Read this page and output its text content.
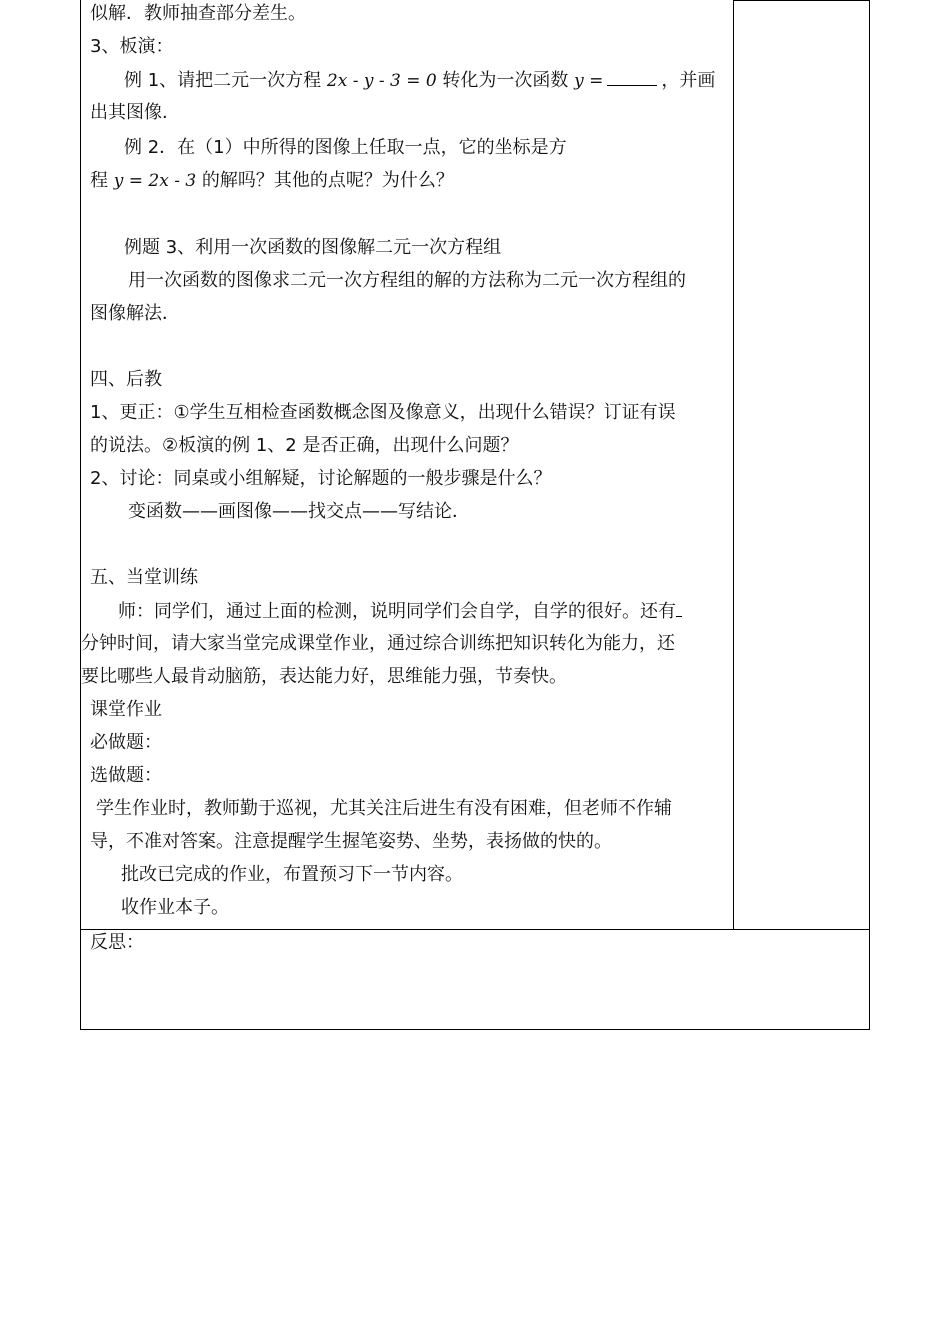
似解．教师抽查部分差生。
3、板演：
例 1、请把二元一次方程 2x - y - 3 = 0 转化为一次函数 y =	，并画
出其图像.
例 2．在（1）中所得的图像上任取一点，它的坐标是方
程 y = 2x - 3 的解吗？其他的点呢？为什么？
例题 3、利用一次函数的图像解二元一次方程组
用一次函数的图像求二元一次方程组的解的方法称为二元一次方程组的
图像解法．
四、后教
1、更正：①学生互相检查函数概念图及像意义，出现什么错误？订证有误
的说法。②板演的例 1、2 是否正确，出现什么问题？
2、讨论：同桌或小组解疑，讨论解题的一般步骤是什么？
变函数——画图像——找交点——写结论．
五、当堂训练
师：同学们，通过上面的检测，说明同学们会自学，自学的很好。还有
分钟时间，请大家当堂完成课堂作业，通过综合训练把知识转化为能力，还
要比哪些人最肯动脑筋，表达能力好，思维能力强，节奏快。
课堂作业
必做题：
选做题：
学生作业时，教师勤于巡视，尤其关注后进生有没有困难，但老师不作辅
导，不准对答案。注意提醒学生握笔姿势、坐势，表扬做的快的。
批改已完成的作业，布置预习下一节内容。
收作业本子。
反思：
